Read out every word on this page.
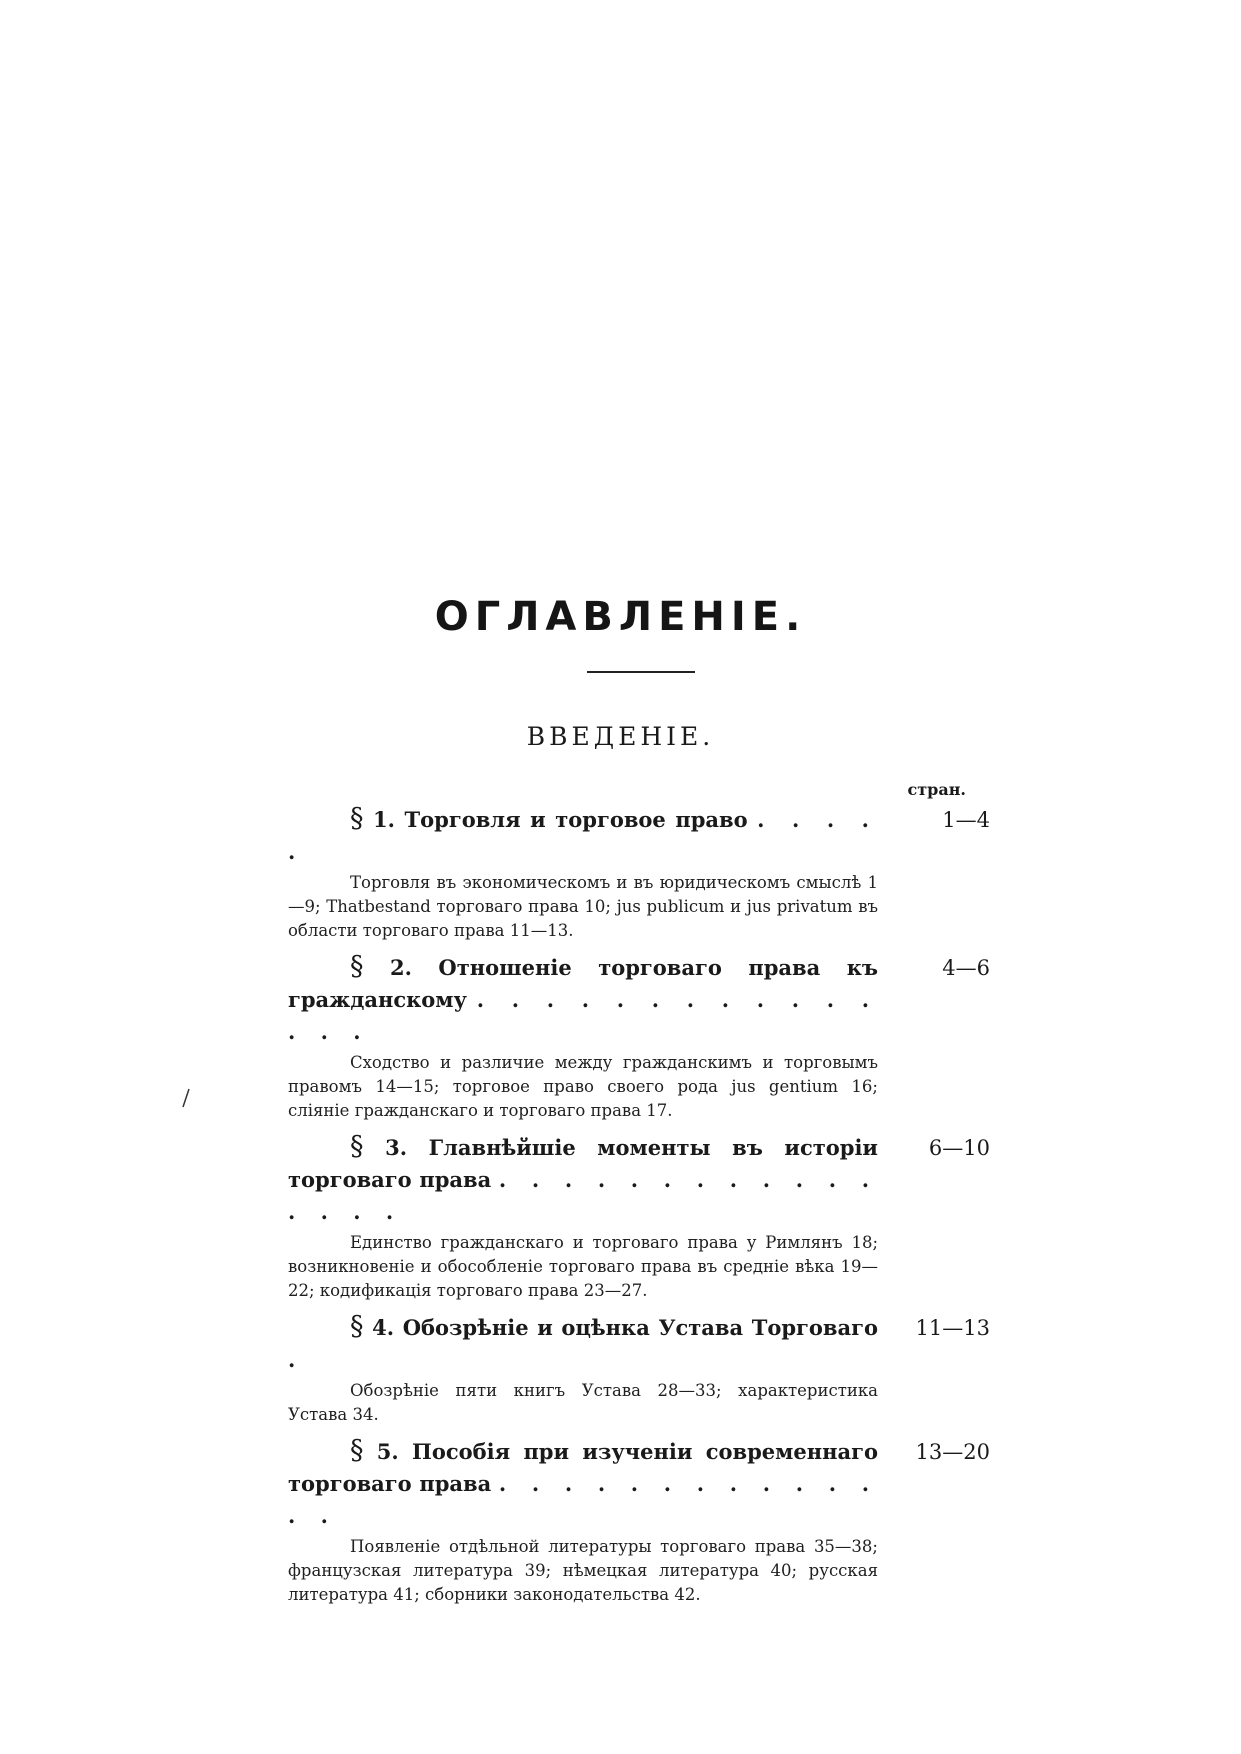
ОГЛАВЛЕНІЕ.
ВВЕДЕНІЕ.
стран.
§ 1. Торговля и торговое право . . . . .
1—4
Торговля въ экономическомъ и въ юридическомъ смыслѣ 1—9; Thatbestand торговаго права 10; jus publicum и jus privatum въ области торговаго права 11—13.
§ 2. Отношеніе торговаго права къ гражданскому . . . . . . . . . . . . . . .
4—6
Сходство и различие между гражданскимъ и торговымъ правомъ 14—15; торговое право своего рода jus gentium 16; сліяніе гражданскаго и торговаго права 17.
§ 3. Главнѣйшіе моменты въ исторіи торговаго права . . . . . . . . . . . . . . . .
6—10
Единство гражданскаго и торговаго права у Римлянъ 18; возникновеніе и обособленіе торговаго права въ средніе вѣка 19—22; кодификація торговаго права 23—27.
§ 4. Обозрѣніе и оцѣнка Устава Торговаго .
11—13
Обозрѣніе пяти книгъ Устава 28—33; характеристика Устава 34.
§ 5. Пособія при изученіи современнаго торговаго права . . . . . . . . . . . . . .
13—20
Появленіе отдѣльной литературы торговаго права 35—38; французская литература 39; нѣмецкая литература 40; русская литература 41; сборники законодательства 42.
